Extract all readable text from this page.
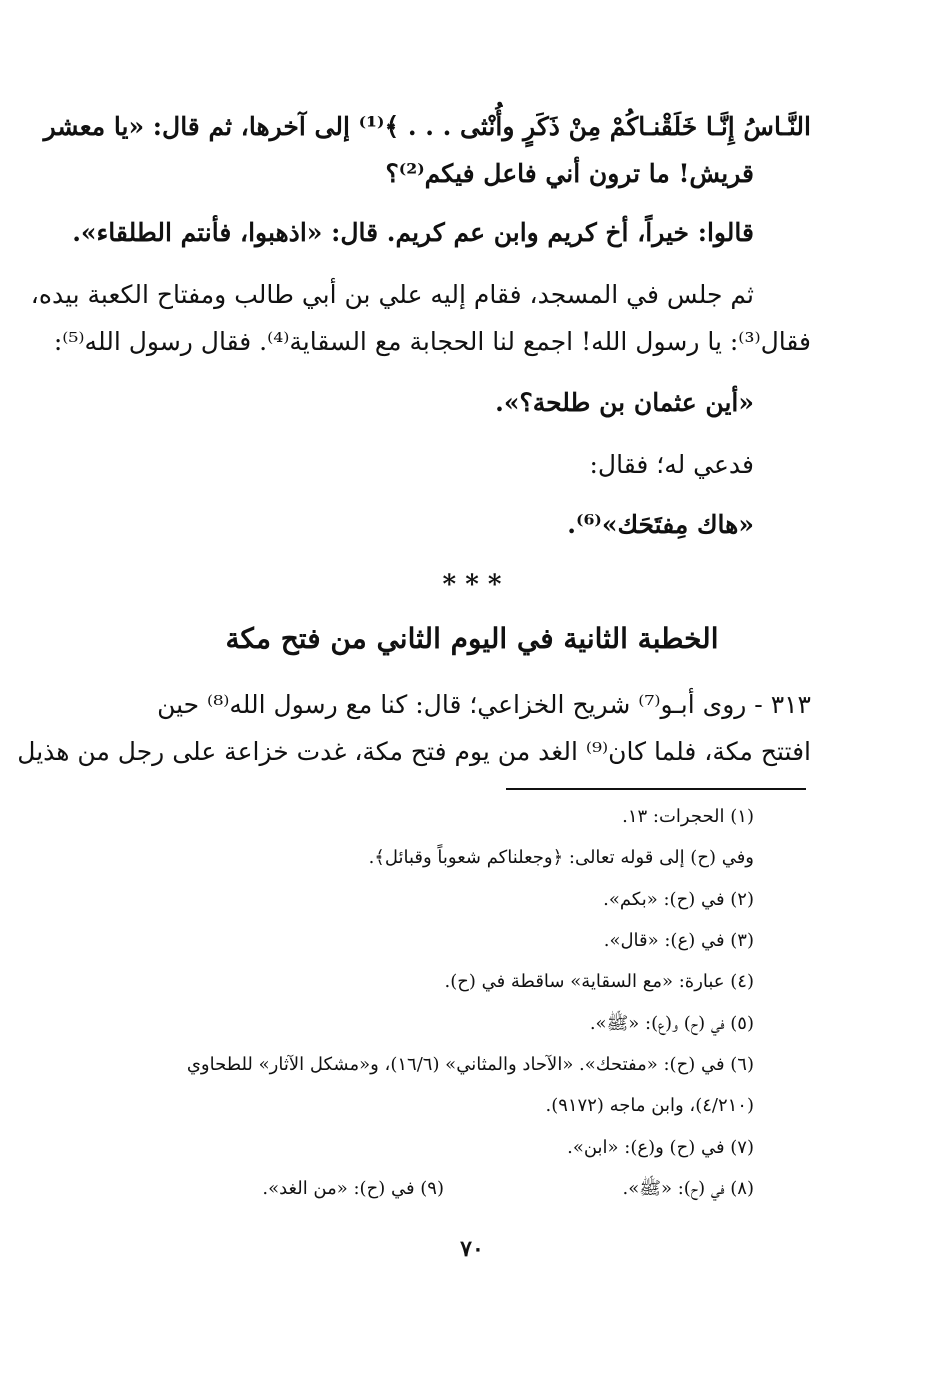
النَّـاسُ إِنَّـا خَلَقْنـاكُمْ مِنْ ذَكَرٍ وأُنْثى . . . ﴾⁽¹⁾ إلى آخرها، ثم قال: «يا معشر
قريش! ما ترون أني فاعل فيكم⁽²⁾؟
قالوا: خيراً، أخ كريم وابن عم كريم. قال: «اذهبوا، فأنتم الطلقاء».
ثم جلس في المسجد، فقام إليه علي بن أبي طالب ومفتاح الكعبة بيده،
فقال⁽³⁾: يا رسول الله! اجمع لنا الحجابة مع السقاية⁽⁴⁾. فقال رسول الله⁽⁵⁾:
«أين عثمان بن طلحة؟».
فدعي له؛ فقال:
«هاك مِفتَحَك»⁽⁶⁾.
* * *
الخطبة الثانية في اليوم الثاني من فتح مكة
٣١٣ - روى أبـو⁽⁷⁾ شريح الخزاعي؛ قال: كنا مع رسول الله⁽⁸⁾ حين
افتتح مكة، فلما كان⁽⁹⁾ الغد من يوم فتح مكة، غدت خزاعة على رجل من هذيل
(١) الحجرات: ١٣.
وفي (ح) إلى قوله تعالى: ﴿وجعلناكم شعوباً وقبائل﴾.
(٢) في (ح): «بكم».
(٣) في (ع): «قال».
(٤) عبارة: «مع السقاية» ساقطة في (ح).
(٥) في (ح) و(ع): «ﷺ».
(٦) في (ح): «مفتحك». «الآحاد والمثاني» (١٦/٦)، و«مشكل الآثار» للطحاوي
(٤/٢١٠)، وابن ماجه (٩١٧٢).
(٧) في (ح) و(ع): «ابن».
(٨) في (ح): «ﷺ».
(٩) في (ح): «من الغد».
٧٠
